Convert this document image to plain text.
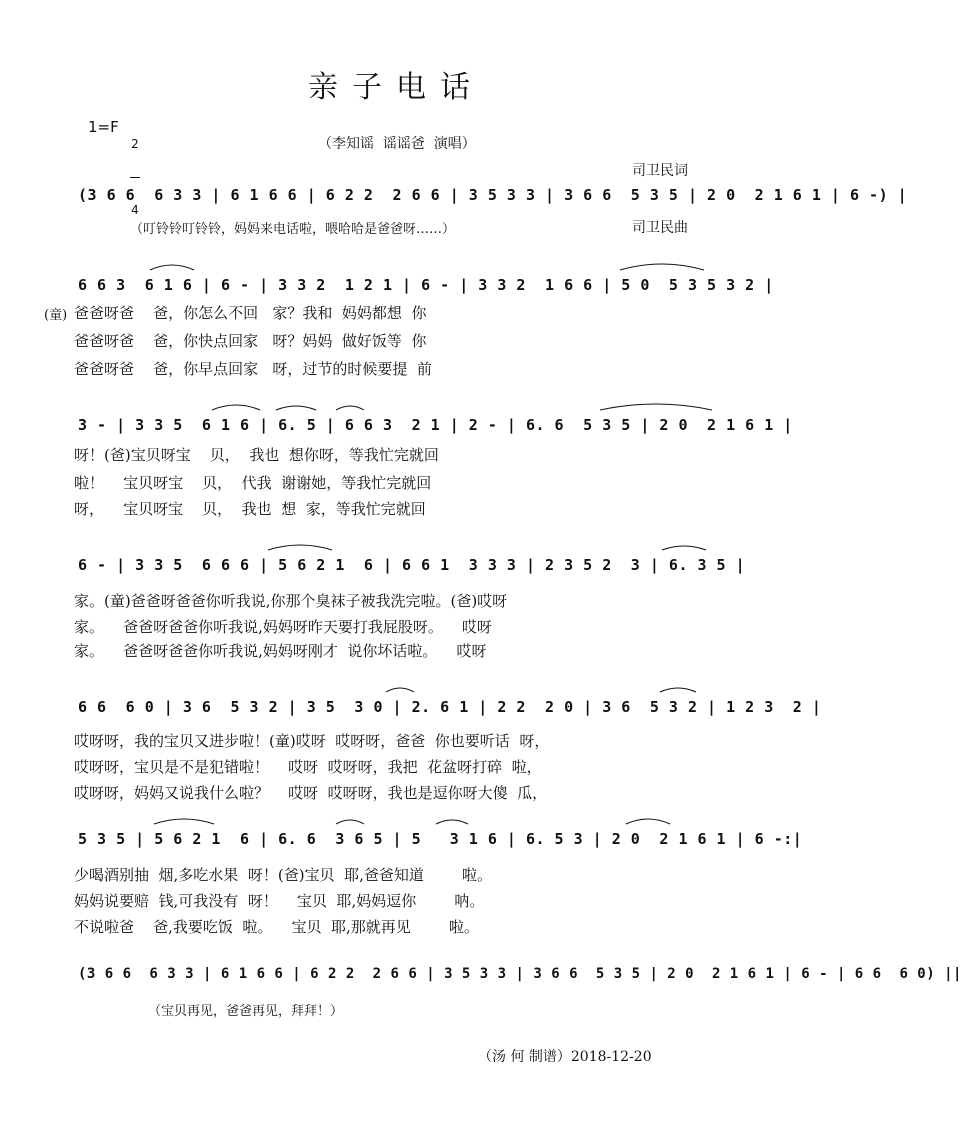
亲子电话
1=F

2

4

（李知谣  谣谣爸  演唱）

司卫民词

司卫民曲

(3 6 6  6 3 3 | 6 1 6 6 | 6 2 2  2 6 6 | 3 5 3 3 | 3 6 6  5 3 5 | 2 0  2 1 6 1 | 6 -) |
（叮铃铃叮铃铃，妈妈来电话啦，喂哈哈是爸爸呀……）
6 6 3  6 1 6 | 6 - | 3 3 2  1 2 1 | 6 - | 3 3 2  1 6 6 | 5 0  5 3 5 3 2 |
(童) 爸爸呀爸    爸，你怎么不回   家？我和  妈妈都想  你
爸爸呀爸    爸，你快点回家   呀？妈妈  做好饭等  你
爸爸呀爸    爸，你早点回家   呀，过节的时候要提  前
3 - | 3 3 5  6 1 6 | 6. 5 | 6 6 3  2 1 | 2 - | 6. 6  5 3 5 | 2 0  2 1 6 1 |
呀！(爸)宝贝呀宝    贝，  我也  想你呀，等我忙完就回
啦！    宝贝呀宝    贝，  代我  谢谢她，等我忙完就回
呀，    宝贝呀宝    贝，  我也  想  家，等我忙完就回
6 - | 3 3 5  6 6 6 | 5 6 2 1  6 | 6 6 1  3 3 3 | 2 3 5 2  3 | 6. 3 5 |
家。(童)爸爸呀爸爸你听我说,你那个臭袜子被我洗完啦。(爸)哎呀
家。    爸爸呀爸爸你听我说,妈妈呀昨天要打我屁股呀。    哎呀
家。    爸爸呀爸爸你听我说,妈妈呀刚才  说你坏话啦。    哎呀
6 6  6 0 | 3 6  5 3 2 | 3 5  3 0 | 2. 6 1 | 2 2  2 0 | 3 6  5 3 2 | 1 2 3  2 |
哎呀呀，我的宝贝又进步啦！(童)哎呀  哎呀呀，爸爸  你也要听话  呀，
哎呀呀，宝贝是不是犯错啦！    哎呀  哎呀呀，我把  花盆呀打碎  啦，
哎呀呀，妈妈又说我什么啦？    哎呀  哎呀呀，我也是逗你呀大傻  瓜，
5 3 5 | 5 6 2 1  6 | 6. 6  3 6 5 | 5   3 1 6 | 6. 5 3 | 2 0  2 1 6 1 | 6 -:|
少喝酒别抽  烟,多吃水果  呀！(爸)宝贝  耶,爸爸知道        啦。
妈妈说要赔  钱,可我没有  呀！    宝贝  耶,妈妈逗你        呐。
不说啦爸    爸,我要吃饭  啦。    宝贝  耶,那就再见        啦。
(3 6 6  6 3 3 | 6 1 6 6 | 6 2 2  2 6 6 | 3 5 3 3 | 3 6 6  5 3 5 | 2 0  2 1 6 1 | 6 - | 6 6  6 0) ||
（宝贝再见，爸爸再见，拜拜！）
（汤 何 制谱）2018-12-20
